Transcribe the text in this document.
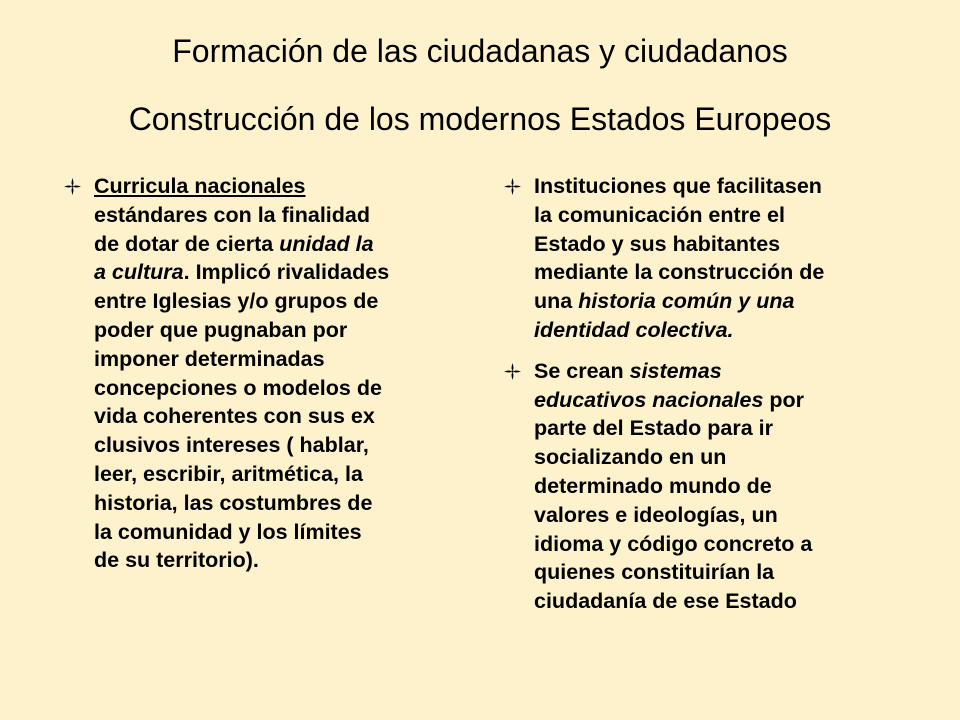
Formación de las ciudadanas y ciudadanos
Construcción de los modernos Estados Europeos
Curricula nacionales
estándares con la finalidad
de dotar de cierta unidad la
a cultura. Implicó rivalidades
entre Iglesias y/o grupos de
poder que pugnaban por
imponer determinadas
concepciones o modelos de
vida coherentes con sus ex
clusivos intereses ( hablar,
leer, escribir, aritmética, la
historia, las costumbres de
la comunidad y los límites
de su territorio).
Instituciones que facilitasen
la comunicación entre el
Estado y sus habitantes
mediante la construcción de
una historia común y una
identidad colectiva.
Se crean sistemas
educativos nacionales por
parte del Estado para ir
socializando en un
determinado mundo de
valores e ideologías, un
idioma y código concreto a
quienes constituirían la
ciudadanía de ese Estado
